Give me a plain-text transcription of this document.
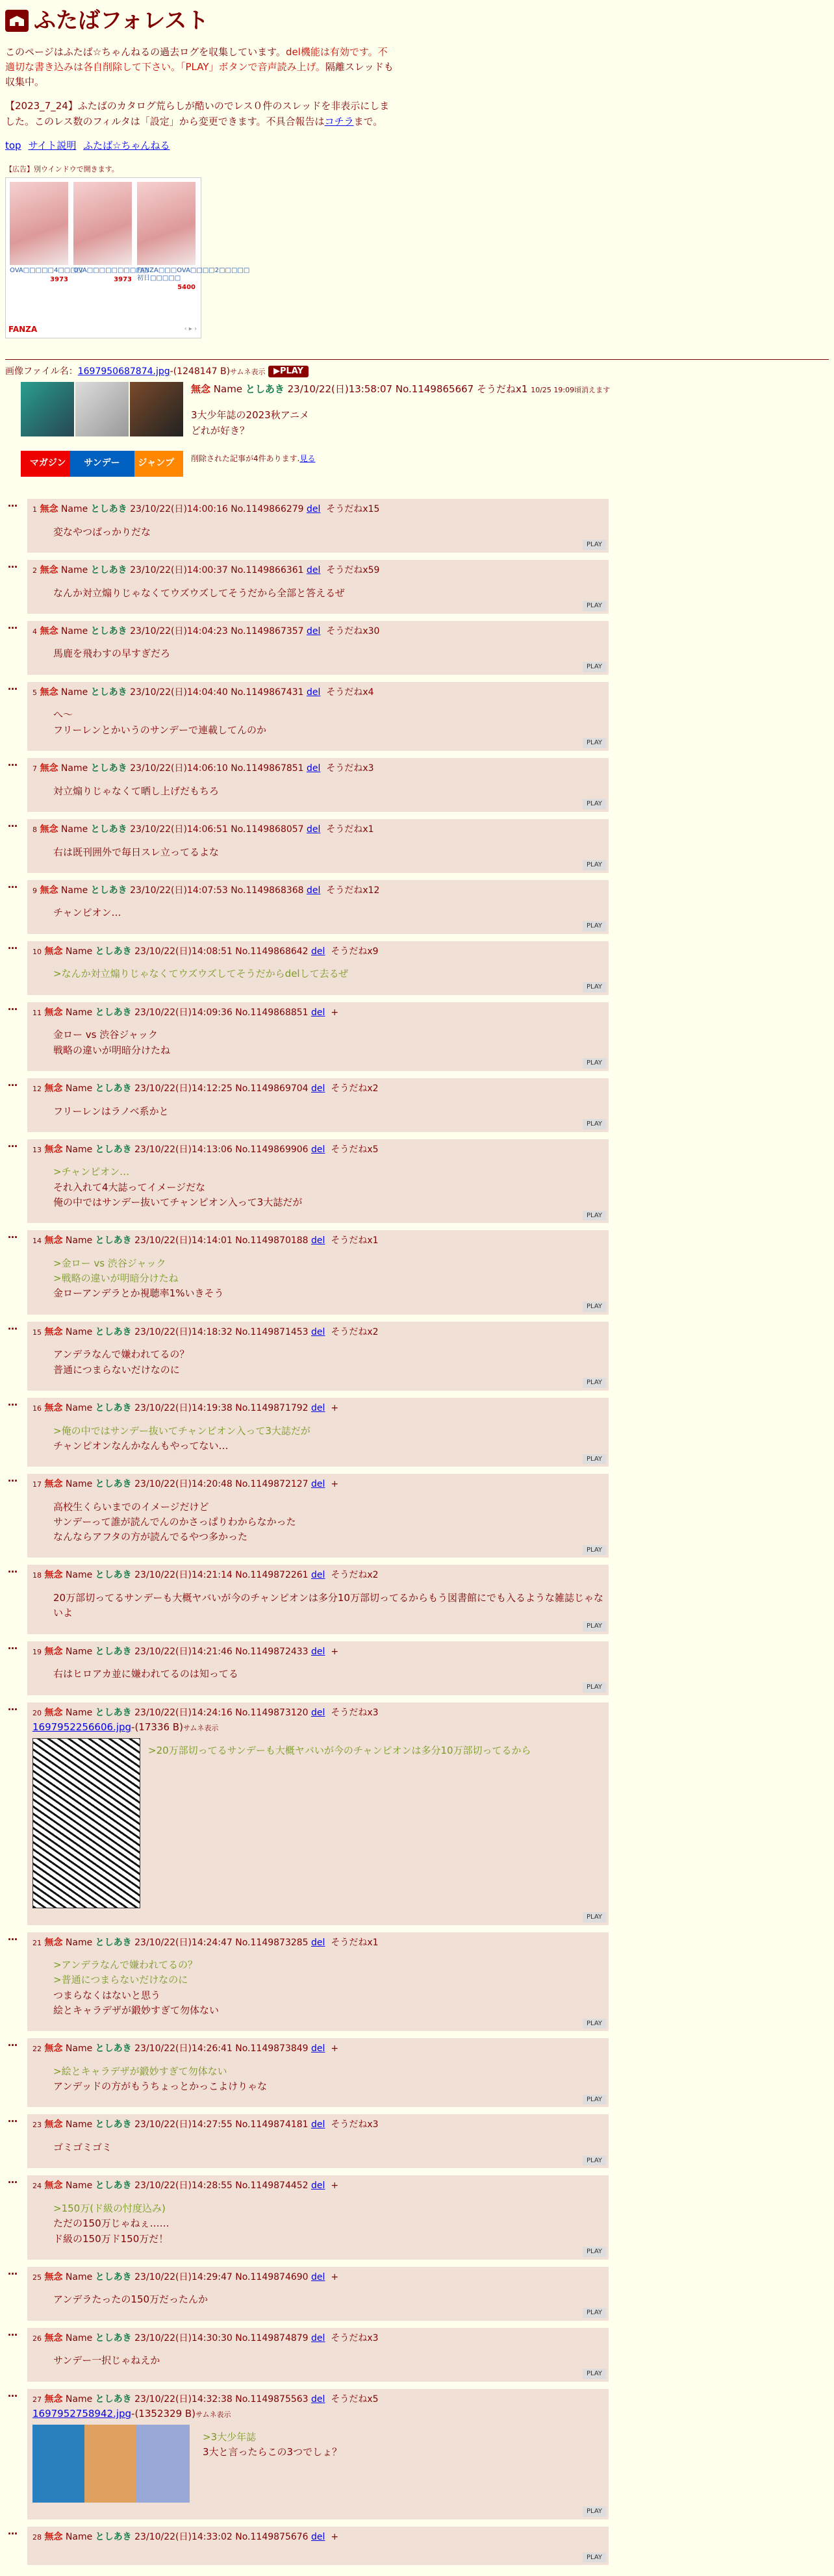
ふたばフォレスト

このページはふたば☆ちゃんねるの過去ログを収集しています。del機能は有効です。不適切な書き込みは各自削除して下さい。「PLAY」ボタンで音声読み上げ。隔離スレッドも収集中。

【2023_7_24】ふたばのカタログ荒らしが酷いのでレス０件のスレッドを非表示にしました。このレス数のフィルタは「設定」から変更できます。不具合報告はコチラまで。

top サイト説明 ふたば☆ちゃんねる
【広告】別ウインドウで開きます。
OVA□□□□□4□□□□
3973
OVA□□□□□□□□□□
3973
FANZA□□□OVA□□□□2□□□□□初日□□□□□
5400
FANZA	‹ ▸ ›
画像ファイル名：1697950687874.jpg-(1248147 B)サムネ表示 ▶PLAY
マガジン サンデー ジャンプ
無念 Name としあき 23/10/22(日)13:58:07 No.1149865667 そうだねx1 10/25 19:09頃消えます
3大少年誌の2023秋アニメ
どれが好き？
削除された記事が4件あります.見る
…
1 無念 Name としあき 23/10/22(日)14:00:16 No.1149866279 del そうだねx15
変なやつばっかりだな
PLAY
…
2 無念 Name としあき 23/10/22(日)14:00:37 No.1149866361 del そうだねx59
なんか対立煽りじゃなくてウズウズしてそうだから全部と答えるぜ
PLAY
…
4 無念 Name としあき 23/10/22(日)14:04:23 No.1149867357 del そうだねx30
馬鹿を飛わすの早すぎだろ
PLAY
…
5 無念 Name としあき 23/10/22(日)14:04:40 No.1149867431 del そうだねx4
へ〜
フリーレンとかいうのサンデーで連載してんのか
PLAY
…
7 無念 Name としあき 23/10/22(日)14:06:10 No.1149867851 del そうだねx3
対立煽りじゃなくて晒し上げだもちろ
PLAY
…
8 無念 Name としあき 23/10/22(日)14:06:51 No.1149868057 del そうだねx1
右は既刊囲外で毎日スレ立ってるよな
PLAY
…
9 無念 Name としあき 23/10/22(日)14:07:53 No.1149868368 del そうだねx12
チャンピオン…
PLAY
…
10 無念 Name としあき 23/10/22(日)14:08:51 No.1149868642 del そうだねx9
>なんか対立煽りじゃなくてウズウズしてそうだからdelして去るぜ
PLAY
…
11 無念 Name としあき 23/10/22(日)14:09:36 No.1149868851 del +
金ロー vs 渋谷ジャック
戦略の違いが明暗分けたね
PLAY
…
12 無念 Name としあき 23/10/22(日)14:12:25 No.1149869704 del そうだねx2
フリーレンはラノベ系かと
PLAY
…
13 無念 Name としあき 23/10/22(日)14:13:06 No.1149869906 del そうだねx5
>チャンピオン…
それ入れて4大誌ってイメージだな
俺の中ではサンデー抜いてチャンピオン入って3大誌だが
PLAY
…
14 無念 Name としあき 23/10/22(日)14:14:01 No.1149870188 del そうだねx1
>金ロー vs 渋谷ジャック
>戦略の違いが明暗分けたね
金ローアンデラとか視聴率1%いきそう
PLAY
…
15 無念 Name としあき 23/10/22(日)14:18:32 No.1149871453 del そうだねx2
アンデラなんで嫌われてるの？
普通につまらないだけなのに
PLAY
…
16 無念 Name としあき 23/10/22(日)14:19:38 No.1149871792 del +
>俺の中ではサンデー抜いてチャンピオン入って3大誌だが
チャンピオンなんかなんもやってない…
PLAY
…
17 無念 Name としあき 23/10/22(日)14:20:48 No.1149872127 del +
高校生くらいまでのイメージだけど
サンデーって誰が読んでんのかさっぱりわからなかった
なんならアフタの方が読んでるやつ多かった
PLAY
…
18 無念 Name としあき 23/10/22(日)14:21:14 No.1149872261 del そうだねx2
20万部切ってるサンデーも大概ヤバいが今のチャンピオンは多分10万部切ってるからもう図書館にでも入るような雑誌じゃないよ
PLAY
…
19 無念 Name としあき 23/10/22(日)14:21:46 No.1149872433 del +
右はヒロアカ並に嫌われてるのは知ってる
PLAY
…
20 無念 Name としあき 23/10/22(日)14:24:16 No.1149873120 del そうだねx3
1697952256606.jpg-(17336 B)サムネ表示
>20万部切ってるサンデーも大概ヤバいが今のチャンピオンは多分10万部切ってるから
PLAY
…
21 無念 Name としあき 23/10/22(日)14:24:47 No.1149873285 del そうだねx1
>アンデラなんで嫌われてるの？
>普通につまらないだけなのに
つまらなくはないと思う
絵とキャラデザが鍛妙すぎて勿体ない
PLAY
…
22 無念 Name としあき 23/10/22(日)14:26:41 No.1149873849 del +
>絵とキャラデザが鍛妙すぎて勿体ない
アンデッドの方がもうちょっとかっこよけりゃな
PLAY
…
23 無念 Name としあき 23/10/22(日)14:27:55 No.1149874181 del そうだねx3
ゴミゴミゴミ
PLAY
…
24 無念 Name としあき 23/10/22(日)14:28:55 No.1149874452 del +
>150万(ド級の忖度込み)
ただの150万じゃねぇ……
ド級の150万ド150万だ！
PLAY
…
25 無念 Name としあき 23/10/22(日)14:29:47 No.1149874690 del +
アンデラたったの150万だったんか
PLAY
…
26 無念 Name としあき 23/10/22(日)14:30:30 No.1149874879 del そうだねx3
サンデー一択じゃねえか
PLAY
…
27 無念 Name としあき 23/10/22(日)14:32:38 No.1149875563 del そうだねx5
1697952758942.jpg-(1352329 B)サムネ表示
>3大少年誌
3大と言ったらこの3つでしょ？
PLAY
…
28 無念 Name としあき 23/10/22(日)14:33:02 No.1149875676 del +
PLAY
